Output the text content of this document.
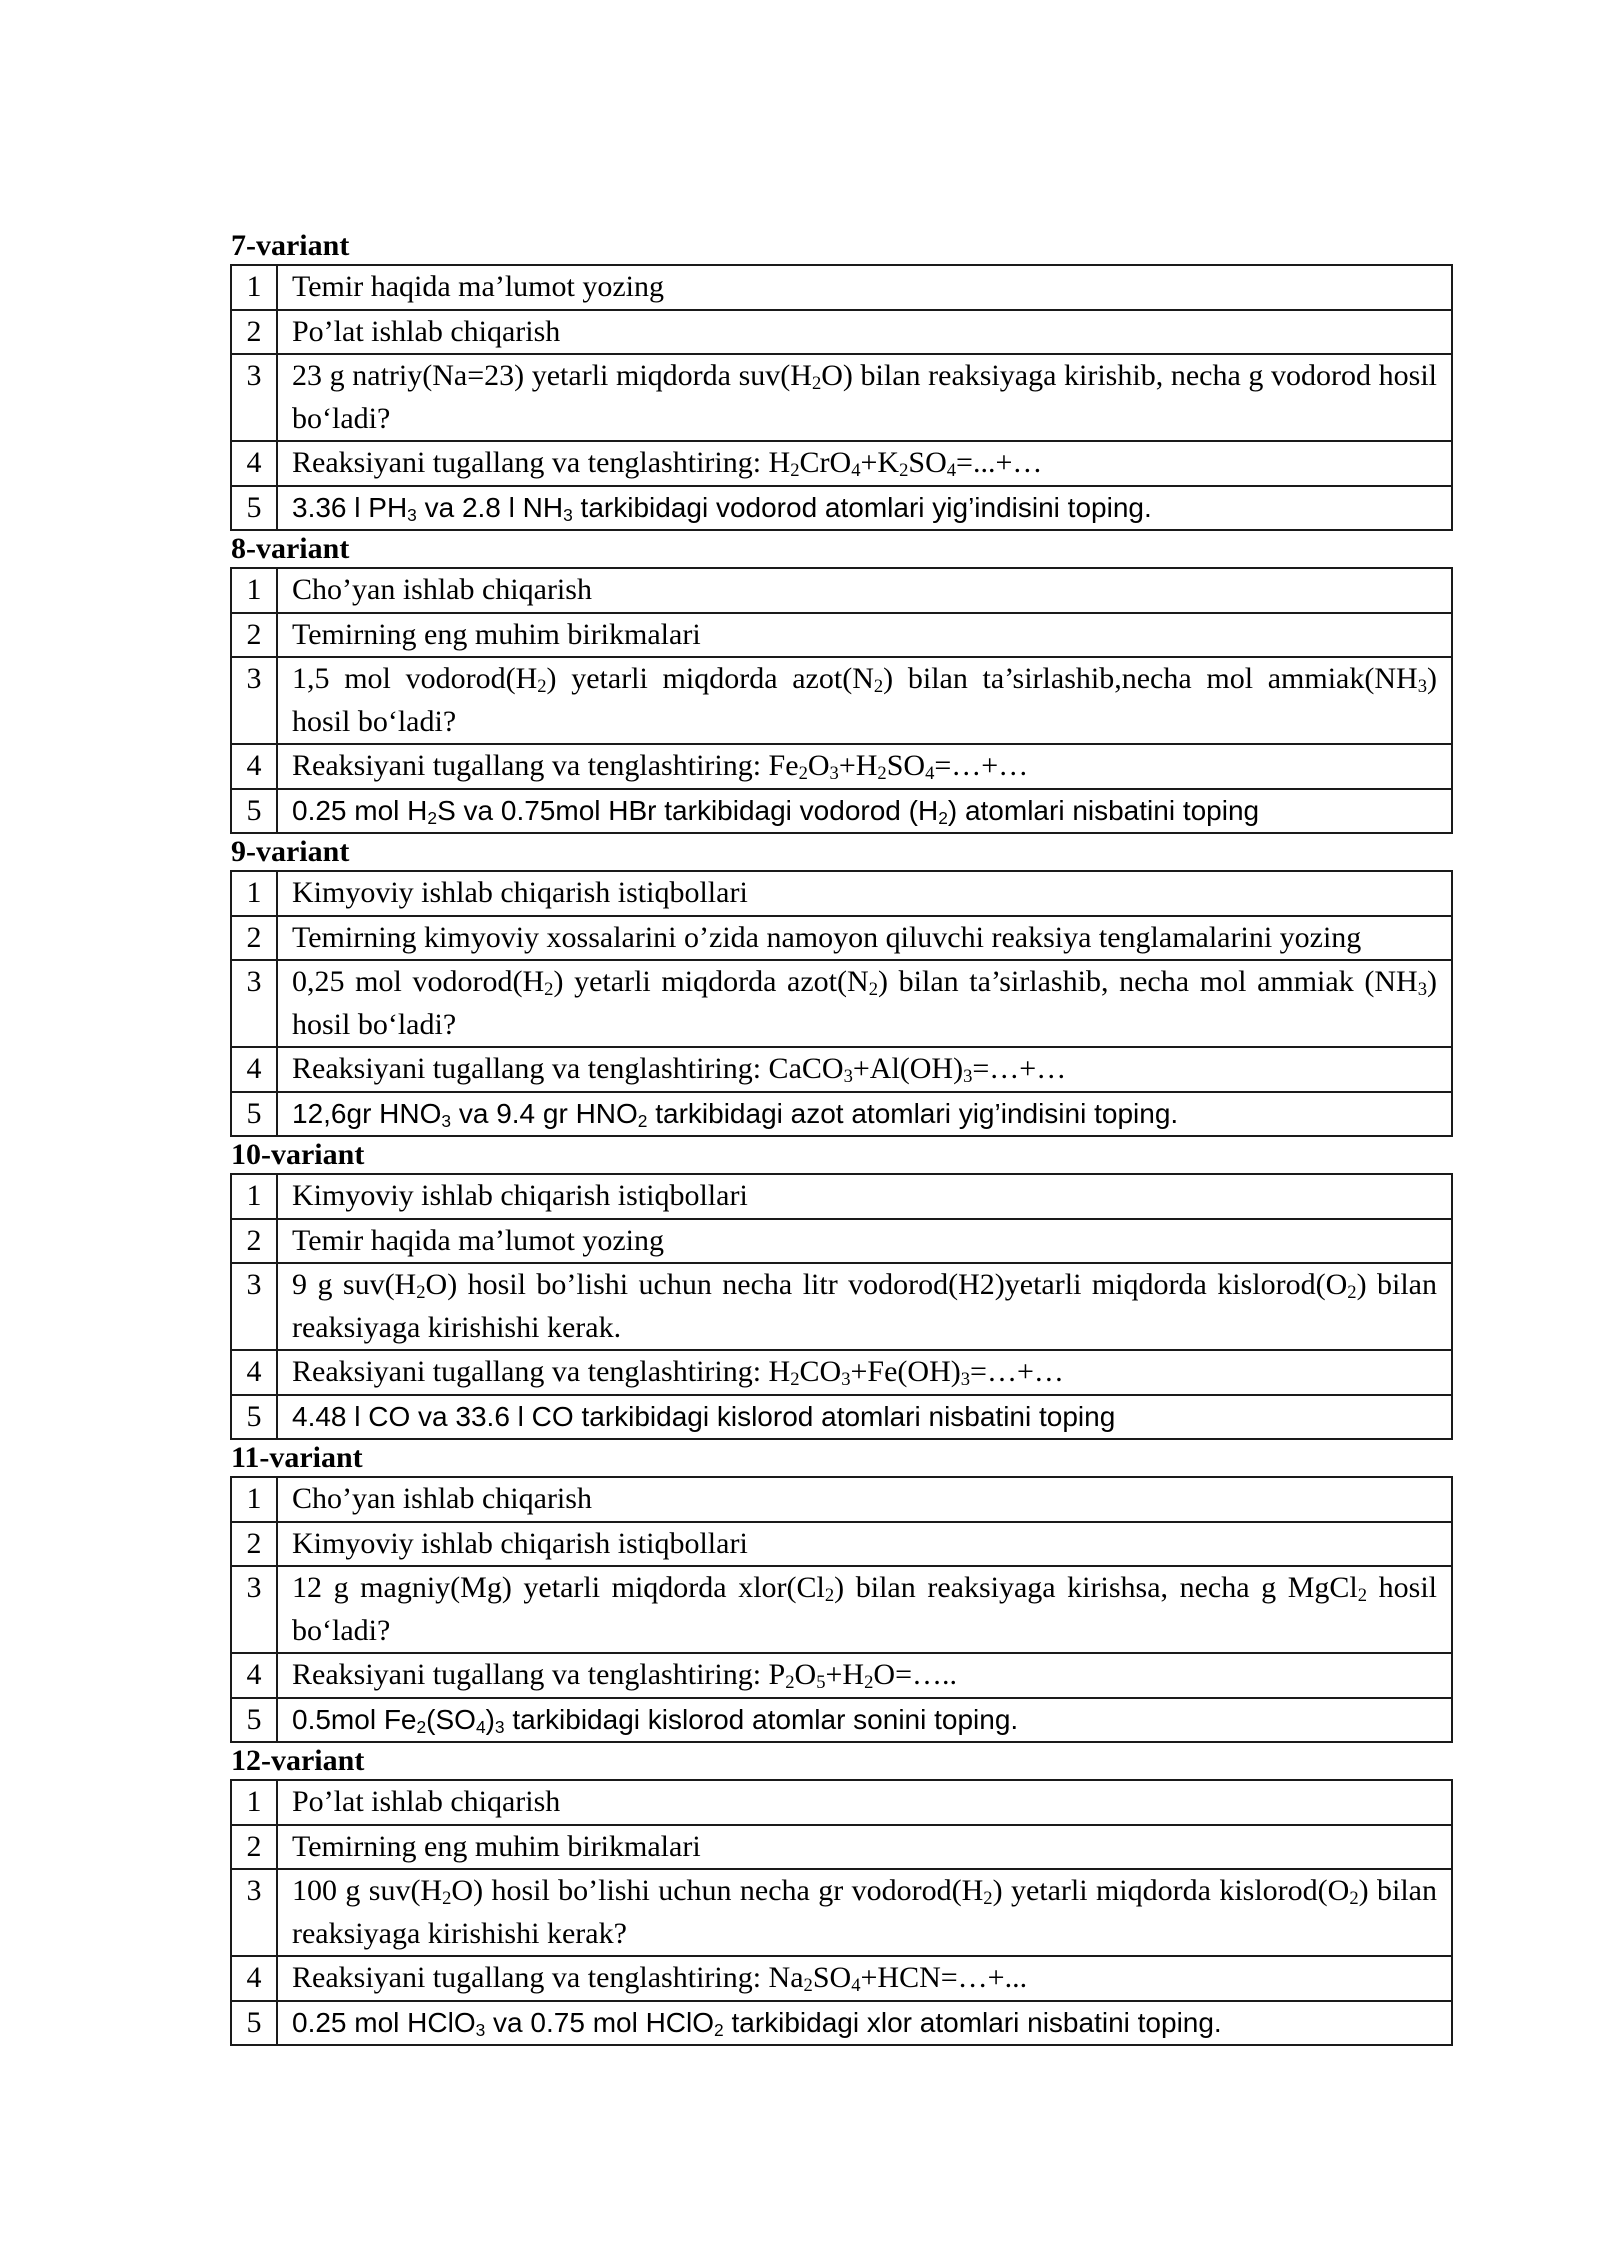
7-variant
1	Temir haqida ma’lumot yozing
2	Po’lat ishlab chiqarish
3	23 g natriy(Na=23) yetarli miqdorda $suv(H_2O)$ bilan reaksiyaga kirishib, necha g vodorod hosil bo‘ladi?
4	Reaksiyani tugallang va tenglashtiring: $H_2CrO_4+K_2SO_4=...+\dots$
5	3.36 l $PH_3$ va 2.8 l $NH_3$ tarkibidagi vodorod atomlari yig’indisini toping.
8-variant
1	Cho’yan ishlab chiqarish
2	Temirning eng muhim birikmalari
3	1,5 mol $vodorod(H_2)$ yetarli miqdorda $azot(N_2)$ bilan ta’sirlashib,necha mol $ammiak(NH_3)$ hosil bo‘ladi?
4	Reaksiyani tugallang va tenglashtiring: $Fe_2O_3+H_2SO_4=\dots+\dots$
5	0.25 mol $H_2S$ va 0.75mol HBr tarkibidagi vodorod $(H_2)$ atomlari nisbatini toping
9-variant
1	Kimyoviy ishlab chiqarish istiqbollari
2	Temirning kimyoviy xossalarini o’zida namoyon qiluvchi reaksiya tenglamalarini yozing
3	0,25 mol $vodorod(H_2)$ yetarli miqdorda $azot(N_2)$ bilan ta’sirlashib, necha mol ammiak $(NH_3)$ hosil bo‘ladi?
4	Reaksiyani tugallang va tenglashtiring: $CaCO_3+Al(OH)_3=\dots+\dots$
5	12,6gr $HNO_3$ va 9.4 gr $HNO_2$ tarkibidagi azot atomlari yig’indisini toping.
10-variant
1	Kimyoviy ishlab chiqarish istiqbollari
2	Temir haqida ma’lumot yozing
3	9 g $suv(H_2O)$ hosil bo’lishi uchun necha litr vodorod(H2)yetarli miqdorda $kislorod(O_2)$ bilan reaksiyaga kirishishi kerak.
4	Reaksiyani tugallang va tenglashtiring: $H_2CO_3+Fe(OH)_3=\dots+\dots$
5	4.48 l CO va 33.6 l CO tarkibidagi kislorod atomlari nisbatini toping
11-variant
1	Cho’yan ishlab chiqarish
2	Kimyoviy ishlab chiqarish istiqbollari
3	12 g magniy(Mg) yetarli miqdorda $xlor(Cl_2)$ bilan reaksiyaga kirishsa, necha g MgCl$_2$ hosil bo‘ladi?
4	Reaksiyani tugallang va tenglashtiring: $P_2O_5+H_2O=\dots$..
5	0.5mol $Fe_2(SO_4)_3$ tarkibidagi kislorod atomlar sonini toping.
12-variant
1	Po’lat ishlab chiqarish
2	Temirning eng muhim birikmalari
3	100 g $suv(H_2O)$ hosil bo’lishi uchun necha gr $vodorod(H_2)$ yetarli miqdorda $kislorod(O_2)$ bilan reaksiyaga kirishishi kerak?
4	Reaksiyani tugallang va tenglashtiring: $Na_2SO_4+HCN=\dots+$...
5	0.25 mol HClO$_3$ va 0.75 mol HClO$_2$ tarkibidagi xlor atomlari nisbatini toping.
